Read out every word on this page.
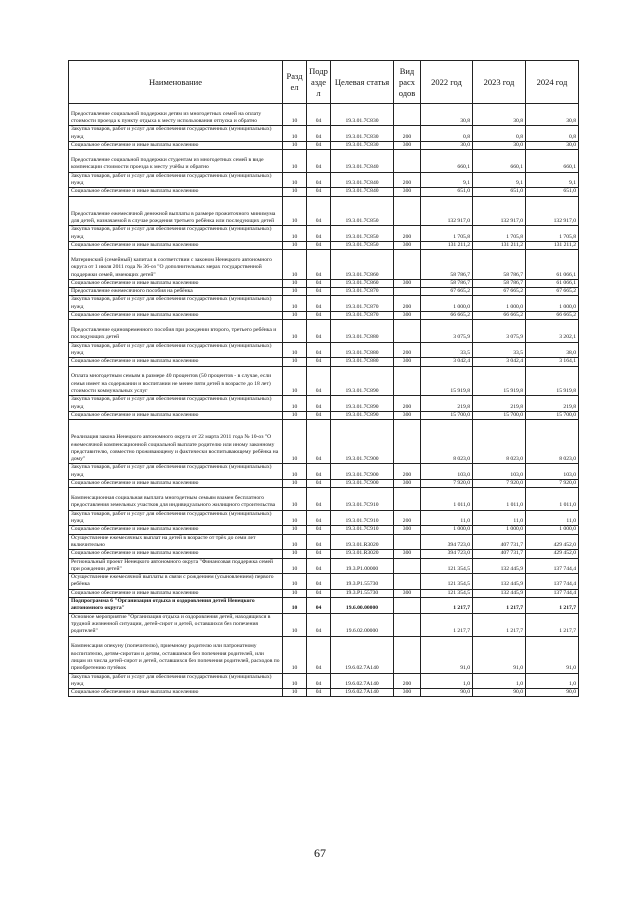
Наименование	Разд ел	Подр азде л	Целевая статья	Вид расх одов	2022 год	2023 год	2024 год
Предоставление социальной поддержки детям из многодетных семей на оплату стоимости проезда к пункту отдыха к месту использования отпуска и обратно	10	04	19.3.01.7С830		30,8	30,8	30,8
Закупка товаров, работ и услуг для обеспечения государственных (муниципальных) нужд	10	04	19.3.01.7С830	200	0,8	0,8	0,8
Социальное обеспечение и иные выплаты населению	10	04	19.3.01.7С830	300	30,0	30,0	30,0
Предоставление социальной поддержки студентам из многодетных семей в виде компенсации стоимости проезда к месту учёбы и обратно	10	04	19.3.01.7С840		660,1	660,1	660,1
Закупка товаров, работ и услуг для обеспечения государственных (муниципальных) нужд	10	04	19.3.01.7С840	200	9,1	9,1	9,1
Социальное обеспечение и иные выплаты населению	10	04	19.3.01.7С840	300	651,0	651,0	651,0
Предоставление ежемесячной денежной выплаты в размере прожиточного минимума для детей, назначаемой в случае рождения третьего ребёнка или последующих детей	10	04	19.3.01.7С850		132 917,0	132 917,0	132 917,0
Закупка товаров, работ и услуг для обеспечения государственных (муниципальных) нужд	10	04	19.3.01.7С850	200	1 705,8	1 705,8	1 705,8
Социальное обеспечение и иные выплаты населению	10	04	19.3.01.7С850	300	131 211,2	131 211,2	131 211,2
Материнский (семейный) капитал в соответствии с законом Ненецкого автономного округа от 1 июля 2011 года № 36-оз "О дополнительных мерах государственной поддержки семей, имеющих детей"	10	04	19.3.01.7С860		58 786,7	58 786,7	61 066,1
Социальное обеспечение и иные выплаты населению	10	04	19.3.01.7С860	300	58 786,7	58 786,7	61 066,1
Предоставление ежемесячного пособия на ребёнка	10	04	19.3.01.7С870		67 665,2	67 665,2	67 665,2
Закупка товаров, работ и услуг для обеспечения государственных (муниципальных) нужд	10	04	19.3.01.7С870	200	1 000,0	1 000,0	1 000,0
Социальное обеспечение и иные выплаты населению	10	04	19.3.01.7С870	300	66 665,2	66 665,2	66 665,2
Предоставление единовременного пособия при рождении второго, третьего ребёнка и последующих детей	10	04	19.3.01.7С880		3 075,9	3 075,9	3 202,1
Закупка товаров, работ и услуг для обеспечения государственных (муниципальных) нужд	10	04	19.3.01.7С880	200	33,5	33,5	38,0
Социальное обеспечение и иные выплаты населению	10	04	19.3.01.7С880	300	3 042,4	3 042,4	3 164,1
Оплата многодетным семьям в размере 40 процентов (50 процентов - в случае, если семья имеет на содержании и воспитании не менее пяти детей в возрасте до 18 лет) стоимости коммунальных услуг	10	04	19.3.01.7С890		15 919,8	15 919,8	15 919,8
Закупка товаров, работ и услуг для обеспечения государственных (муниципальных) нужд	10	04	19.3.01.7С890	200	219,8	219,8	219,8
Социальное обеспечение и иные выплаты населению	10	04	19.3.01.7С890	300	15 700,0	15 700,0	15 700,0
Реализация закона Ненецкого автономного округа от 22 марта 2011 года № 10-оз "О ежемесячной компенсационной социальной выплате родителю или иному законному представителю, совместно проживающему и фактически воспитывающему ребёнка на дому"	10	04	19.3.01.7С900		8 023,0	8 023,0	8 023,0
Закупка товаров, работ и услуг для обеспечения государственных (муниципальных) нужд	10	04	19.3.01.7С900	200	103,0	103,0	103,0
Социальное обеспечение и иные выплаты населению	10	04	19.3.01.7С900	300	7 920,0	7 920,0	7 920,0
Компенсационная социальная выплата многодетным семьям взамен бесплатного предоставления земельных участков для индивидуального жилищного строительства	10	04	19.3.01.7С910		1 011,0	1 011,0	1 011,0
Закупка товаров, работ и услуг для обеспечения государственных (муниципальных) нужд	10	04	19.3.01.7С910	200	11,0	11,0	11,0
Социальное обеспечение и иные выплаты населению	10	04	19.3.01.7С910	300	1 000,0	1 000,0	1 000,0
Осуществление ежемесячных выплат на детей в возрасте от трёх до семи лет включительно	10	04	19.3.01.R3020		394 723,0	407 731,7	429 452,0
Социальное обеспечение и иные выплаты населению	10	04	19.3.01.R3020	300	394 723,0	407 731,7	429 452,0
Региональный проект Ненецкого автономного округа "Финансовая поддержка семей при рождении детей"	10	04	19.3.Р1.00000		121 354,5	132 445,9	137 744,4
Осуществление ежемесячной выплаты в связи с рождением (усыновлением) первого ребёнка	10	04	19.3.Р1.55730		121 354,5	132 445,9	137 744,4
Социальное обеспечение и иные выплаты населению	10	04	19.3.Р1.55730	300	121 354,5	132 445,9	137 744,4
Подпрограмма 6 "Организация отдыха и оздоровления детей Ненецкого автономного округа"	10	04	19.6.00.00000		1 217,7	1 217,7	1 217,7
Основное мероприятие "Организация отдыха и оздоровления детей, находящихся в трудной жизненной ситуации, детей-сирот и детей, оставшихся без попечения родителей"	10	04	19.6.02.00000		1 217,7	1 217,7	1 217,7
Компенсация опекуну (попечителю), приемному родителю или патронатному воспитателю, детям-сиротам и детям, оставшимся без попечения родителей, или лицам из числа детей-сирот и детей, оставшихся без попечения родителей, расходов по приобретению путёвок	10	04	19.6.02.7А140		91,0	91,0	91,0
Закупка товаров, работ и услуг для обеспечения государственных (муниципальных) нужд	10	04	19.6.02.7А140	200	1,0	1,0	1,0
Социальное обеспечение и иные выплаты населению	10	04	19.6.02.7А140	300	90,0	90,0	90,0
67
